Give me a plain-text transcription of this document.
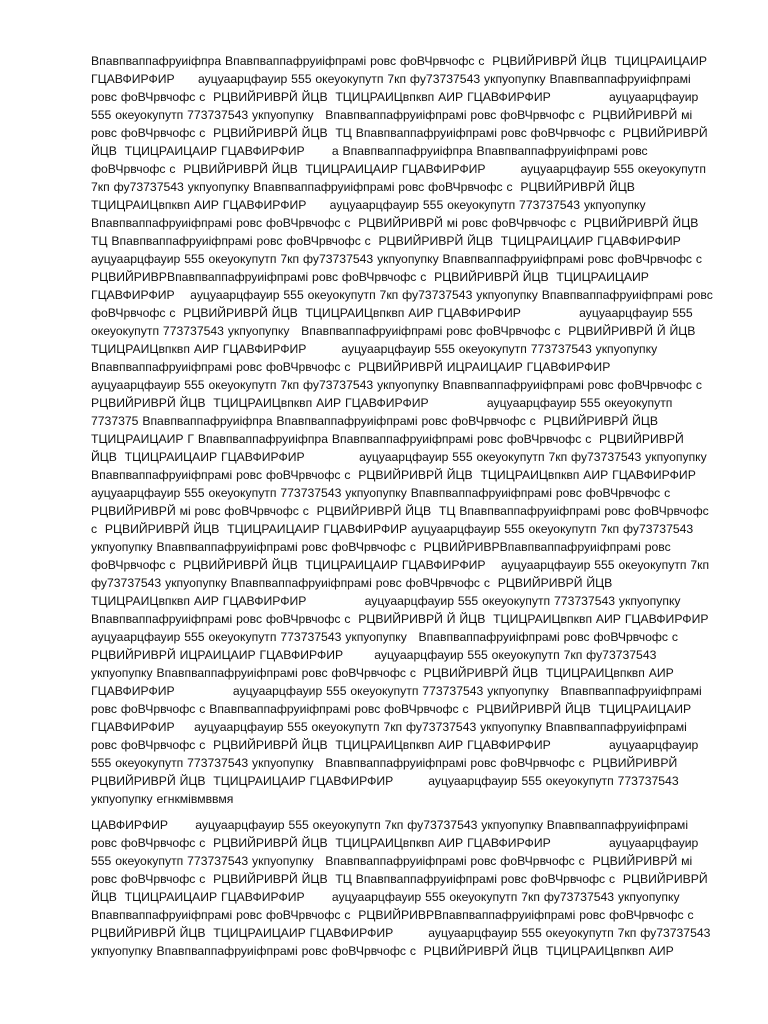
Впавпваппафруиіфпра Впавпваппафруиіфпрамі ровс фоВЧрвчофс с  РЦВИЙРИВРЙ ЙЦВ  ТЦИЦРАИЦАИР ГЦАВФИРФИР      ауцуаарцфауир 555 океуокупутп 7кп фу73737543 укпуопупку Впавпваппафруиіфпрамі ровс фоВЧрвчофс с  РЦВИЙРИВРЙ ЙЦВ  ТЦИЦРАИЦвпквп АИР ГЦАВФИРФИР               ауцуаарцфауир 555 океуокупутп 773737543 укпуопупку   Впавпваппафруиіфпрамі ровс фоВЧрвчофс с  РЦВИЙРИВРЙ мі ровс фоВЧрвчофс с  РЦВИЙРИВРЙ ЙЦВ  ТЦ Впавпваппафруиіфпрамі ровс фоВЧрвчофс с  РЦВИЙРИВРЙ ЙЦВ  ТЦИЦРАИЦАИР ГЦАВФИРФИР       а Впавпваппафруиіфпра Впавпваппафруиіфпрамі ровс фоВЧрвчофс с  РЦВИЙРИВРЙ ЙЦВ  ТЦИЦРАИЦАИР ГЦАВФИРФИР         ауцуаарцфауир 555 океуокупутп 7кп фу73737543 укпуопупку Впавпваппафруиіфпрамі ровс фоВЧрвчофс с  РЦВИЙРИВРЙ ЙЦВ  ТЦИЦРАИЦвпквп АИР ГЦАВФИРФИР      ауцуаарцфауир 555 океуокупутп 773737543 укпуопупку Впавпваппафруиіфпрамі ровс фоВЧрвчофс с  РЦВИЙРИВРЙ мі ровс фоВЧрвчофс с  РЦВИЙРИВРЙ ЙЦВ  ТЦ Впавпваппафруиіфпрамі ровс фоВЧрвчофс с  РЦВИЙРИВРЙ ЙЦВ  ТЦИЦРАИЦАИР ГЦАВФИРФИР ауцуаарцфауир 555 океуокупутп 7кп фу73737543 укпуопупку Впавпваппафруиіфпрамі ровс фоВЧрвчофс с  РЦВИЙРИВРВпавпваппафруиіфпрамі ровс фоВЧрвчофс с  РЦВИЙРИВРЙ ЙЦВ  ТЦИЦРАИЦАИР ГЦАВФИРФИР    ауцуаарцфауир 555 океуокупутп 7кп фу73737543 укпуопупку Впавпваппафруиіфпрамі ровс фоВЧрвчофс с  РЦВИЙРИВРЙ ЙЦВ  ТЦИЦРАИЦвпквп АИР ГЦАВФИРФИР               ауцуаарцфауир 555 океуокупутп 773737543 укпуопупку   Впавпваппафруиіфпрамі ровс фоВЧрвчофс с  РЦВИЙРИВРЙ Й ЙЦВ  ТЦИЦРАИЦвпквп АИР ГЦАВФИРФИР         ауцуаарцфауир 555 океуокупутп 773737543 укпуопупку   Впавпваппафруиіфпрамі ровс фоВЧрвчофс с  РЦВИЙРИВРЙ ИЦРАИЦАИР ГЦАВФИРФИР        ауцуаарцфауир 555 океуокупутп 7кп фу73737543 укпуопупку Впавпваппафруиіфпрамі ровс фоВЧрвчофс с  РЦВИЙРИВРЙ ЙЦВ  ТЦИЦРАИЦвпквп АИР ГЦАВФИРФИР               ауцуаарцфауир 555 океуокупутп 7737375 Впавпваппафруиіфпра Впавпваппафруиіфпрамі ровс фоВЧрвчофс с  РЦВИЙРИВРЙ ЙЦВ  ТЦИЦРАИЦАИР Г Впавпваппафруиіфпра Впавпваппафруиіфпрамі ровс фоВЧрвчофс с  РЦВИЙРИВРЙ ЙЦВ  ТЦИЦРАИЦАИР ГЦАВФИРФИР              ауцуаарцфауир 555 океуокупутп 7кп фу73737543 укпуопупку Впавпваппафруиіфпрамі ровс фоВЧрвчофс с  РЦВИЙРИВРЙ ЙЦВ  ТЦИЦРАИЦвпквп АИР ГЦАВФИРФИР           ауцуаарцфауир 555 океуокупутп 773737543 укпуопупку Впавпваппафруиіфпрамі ровс фоВЧрвчофс с  РЦВИЙРИВРЙ мі ровс фоВЧрвчофс с  РЦВИЙРИВРЙ ЙЦВ  ТЦ Впавпваппафруиіфпрамі ровс фоВЧрвчофс с  РЦВИЙРИВРЙ ЙЦВ  ТЦИЦРАИЦАИР ГЦАВФИРФИР ауцуаарцфауир 555 океуокупутп 7кп фу73737543 укпуопупку Впавпваппафруиіфпрамі ровс фоВЧрвчофс с  РЦВИЙРИВРВпавпваппафруиіфпрамі ровс фоВЧрвчофс с  РЦВИЙРИВРЙ ЙЦВ  ТЦИЦРАИЦАИР ГЦАВФИРФИР    ауцуаарцфауир 555 океуокупутп 7кп фу73737543 укпуопупку Впавпваппафруиіфпрамі ровс фоВЧрвчофс с  РЦВИЙРИВРЙ ЙЦВ  ТЦИЦРАИЦвпквп АИР ГЦАВФИРФИР               ауцуаарцфауир 555 океуокупутп 773737543 укпуопупку   Впавпваппафруиіфпрамі ровс фоВЧрвчофс с  РЦВИЙРИВРЙ Й ЙЦВ  ТЦИЦРАИЦвпквп АИР ГЦАВФИРФИР         ауцуаарцфауир 555 океуокупутп 773737543 укпуопупку   Впавпваппафруиіфпрамі ровс фоВЧрвчофс с  РЦВИЙРИВРЙ ИЦРАИЦАИР ГЦАВФИРФИР        ауцуаарцфауир 555 океуокупутп 7кп фу73737543 укпуопупку Впавпваппафруиіфпрамі ровс фоВЧрвчофс с  РЦВИЙРИВРЙ ЙЦВ  ТЦИЦРАИЦвпквп АИР ГЦАВФИРФИР               ауцуаарцфауир 555 океуокупутп 773737543 укпуопупку   Впавпваппафруиіфпрамі ровс фоВЧрвчофс с Впавпваппафруиіфпрамі ровс фоВЧрвчофс с  РЦВИЙРИВРЙ ЙЦВ  ТЦИЦРАИЦАИР ГЦАВФИРФИР     ауцуаарцфауир 555 океуокупутп 7кп фу73737543 укпуопупку Впавпваппафруиіфпрамі ровс фоВЧрвчофс с  РЦВИЙРИВРЙ ЙЦВ  ТЦИЦРАИЦвпквп АИР ГЦАВФИРФИР               ауцуаарцфауир 555 океуокупутп 773737543 укпуопупку   Впавпваппафруиіфпрамі ровс фоВЧрвчофс с  РЦВИЙРИВРЙ РЦВИЙРИВРЙ ЙЦВ  ТЦИЦРАИЦАИР ГЦАВФИРФИР         ауцуаарцфауир 555 океуокупутп 773737543 укпуопупку егнкмівмввмя

ЦАВФИРФИР       ауцуаарцфауир 555 океуокупутп 7кп фу73737543 укпуопупку Впавпваппафруиіфпрамі ровс фоВЧрвчофс с  РЦВИЙРИВРЙ ЙЦВ  ТЦИЦРАИЦвпквп АИР ГЦАВФИРФИР               ауцуаарцфауир 555 океуокупутп 773737543 укпуопупку   Впавпваппафруиіфпрамі ровс фоВЧрвчофс с  РЦВИЙРИВРЙ мі ровс фоВЧрвчофс с  РЦВИЙРИВРЙ ЙЦВ  ТЦ Впавпваппафруиіфпрамі ровс фоВЧрвчофс с  РЦВИЙРИВРЙ ЙЦВ  ТЦИЦРАИЦАИР ГЦАВФИРФИР       ауцуаарцфауир 555 океуокупутп 7кп фу73737543 укпуопупку Впавпваппафруиіфпрамі ровс фоВЧрвчофс с  РЦВИЙРИВРВпавпваппафруиіфпрамі ровс фоВЧрвчофс с  РЦВИЙРИВРЙ ЙЦВ  ТЦИЦРАИЦАИР ГЦАВФИРФИР         ауцуаарцфауир 555 океуокупутп 7кп фу73737543 укпуопупку Впавпваппафруиіфпрамі ровс фоВЧрвчофс с  РЦВИЙРИВРЙ ЙЦВ  ТЦИЦРАИЦвпквп АИР
